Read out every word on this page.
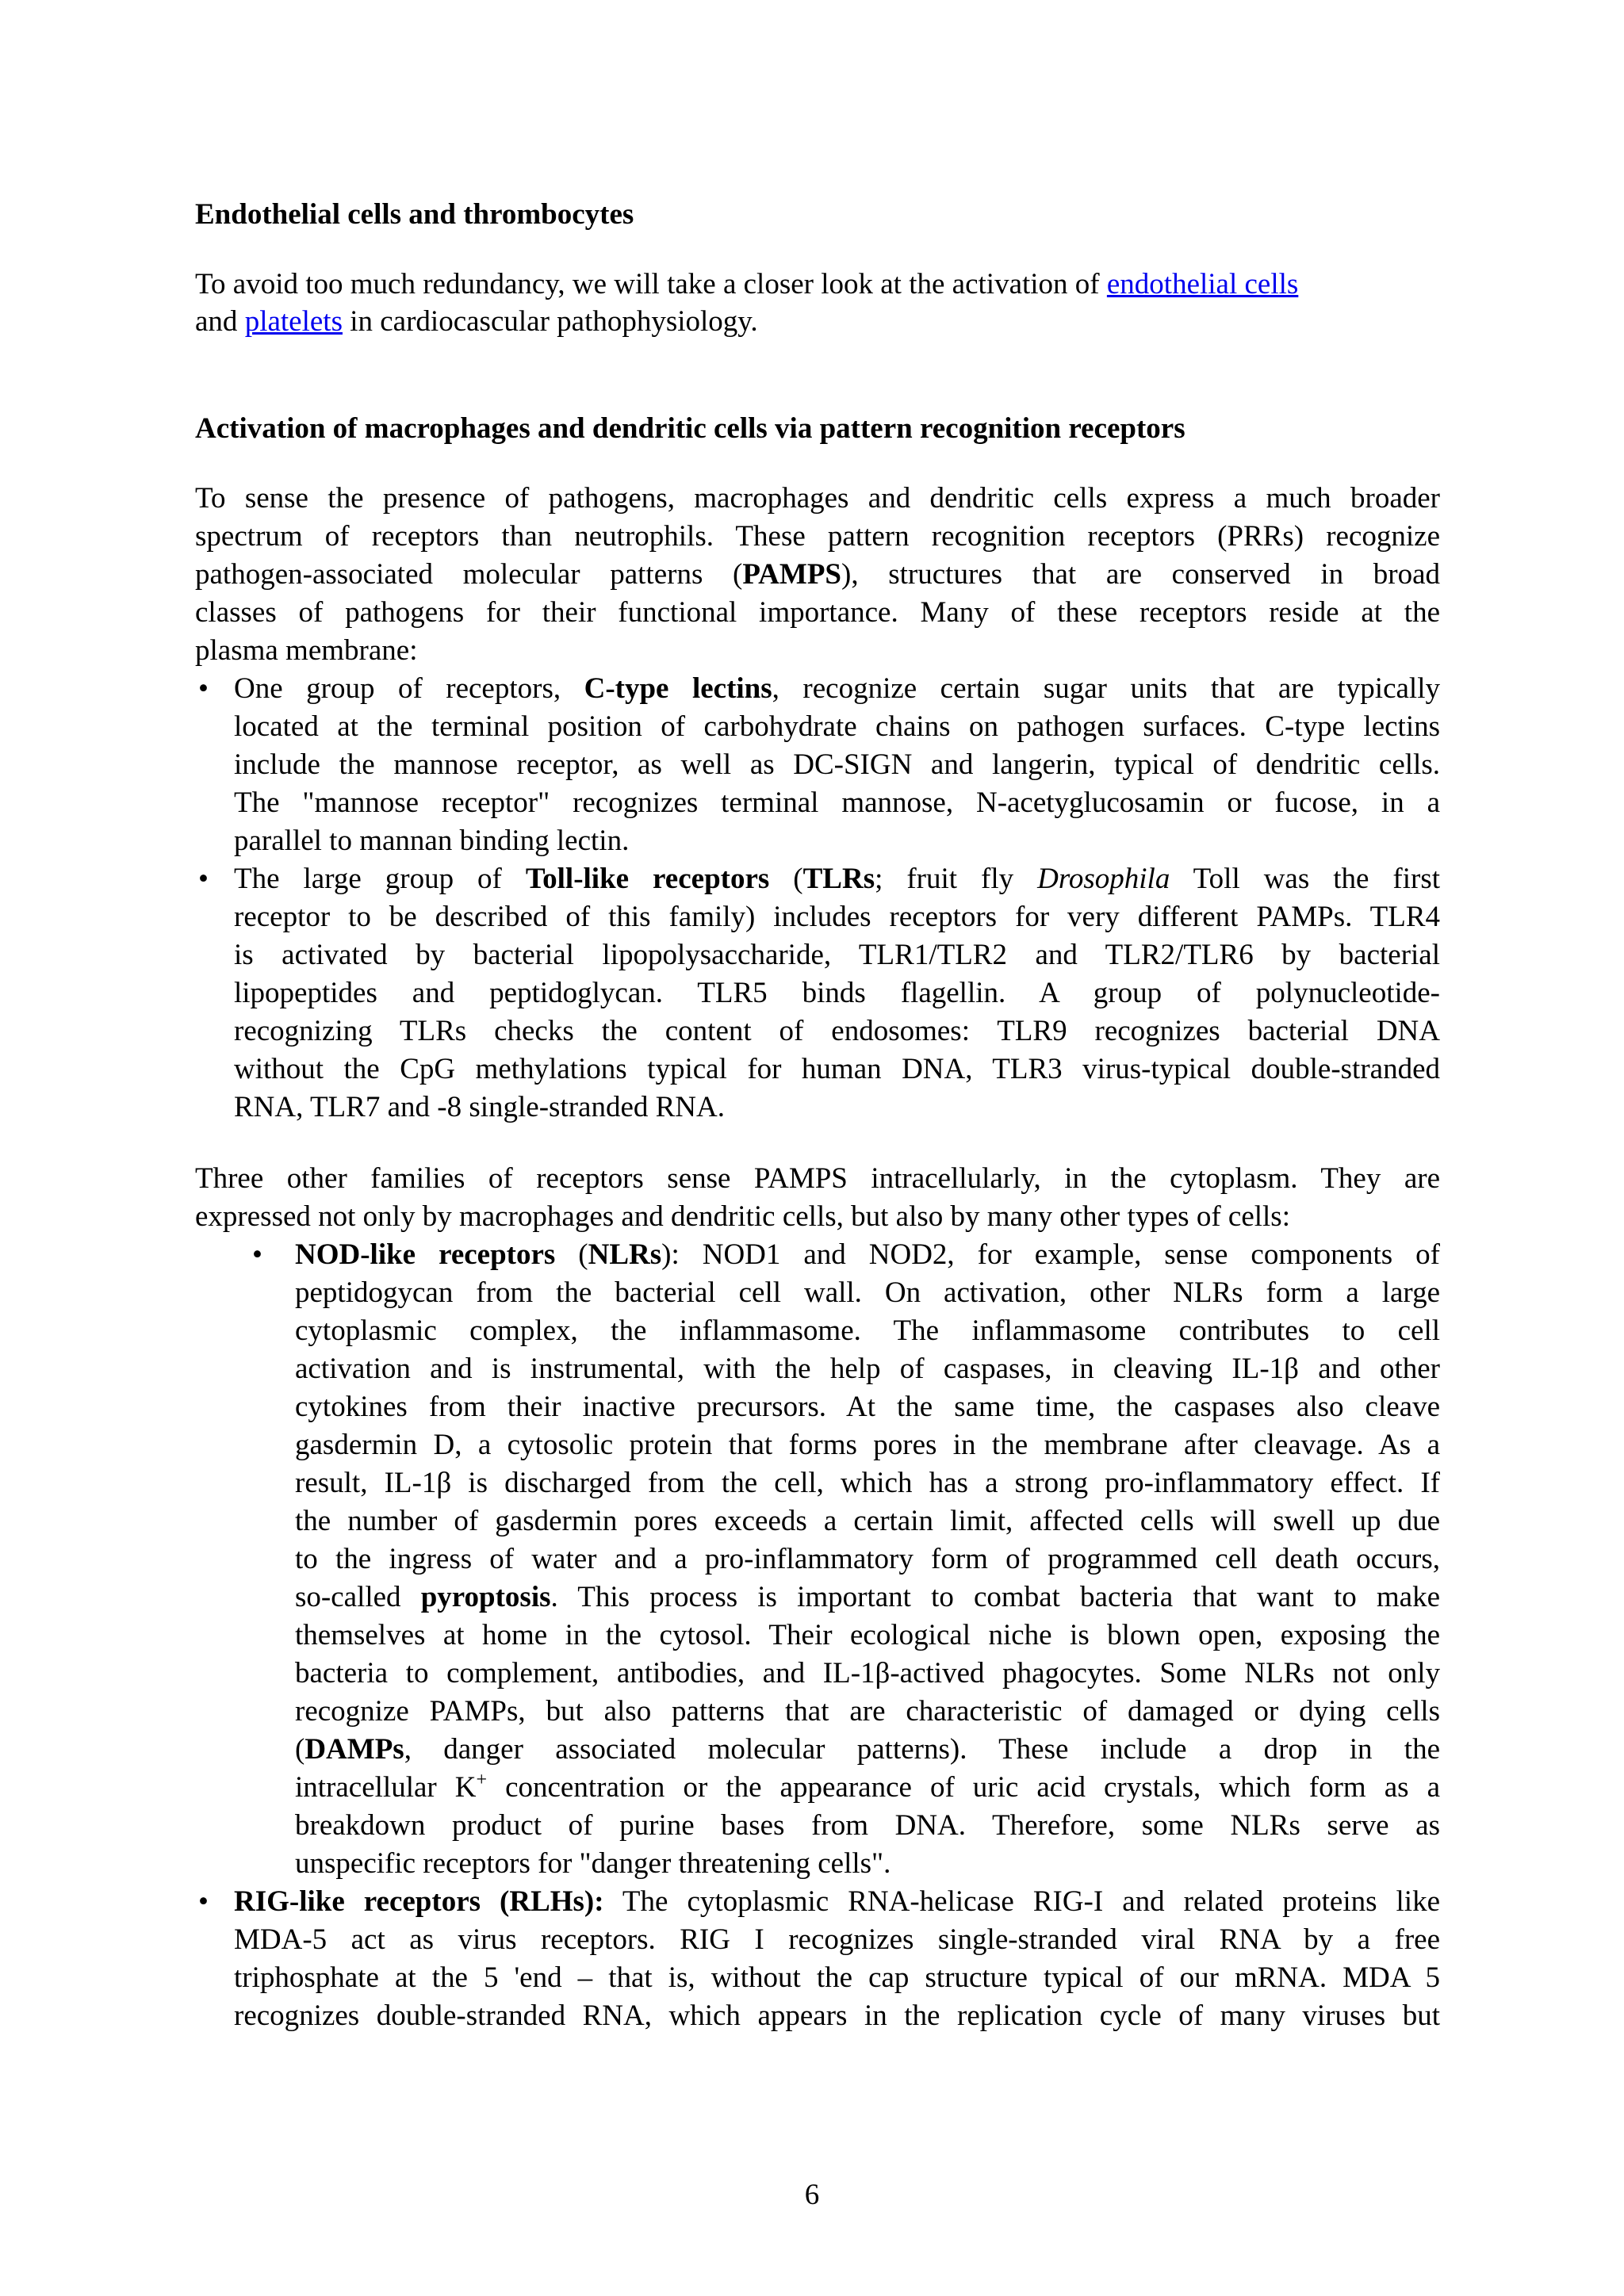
Endothelial cells and thrombocytes
To avoid too much redundancy, we will take a closer look at the activation of endothelial cells
and platelets in cardiocascular pathophysiology.
Activation of macrophages and dendritic cells via pattern recognition receptors
To sense the presence of pathogens, macrophages and dendritic cells express a much broader
spectrum of receptors than neutrophils. These pattern recognition receptors (PRRs) recognize
pathogen-associated molecular patterns (PAMPS), structures that are conserved in broad
classes of pathogens for their functional importance. Many of these receptors reside at the
plasma membrane:
• One group of receptors, C-type lectins, recognize certain sugar units that are typically
located at the terminal position of carbohydrate chains on pathogen surfaces. C-type lectins
include the mannose receptor, as well as DC-SIGN and langerin, typical of dendritic cells.
The "mannose receptor" recognizes terminal mannose, N-acetyglucosamin or fucose, in a
parallel to mannan binding lectin.
• The large group of Toll-like receptors (TLRs; fruit fly Drosophila Toll was the first
receptor to be described of this family) includes receptors for very different PAMPs. TLR4
is activated by bacterial lipopolysaccharide, TLR1/TLR2 and TLR2/TLR6 by bacterial
lipopeptides and peptidoglycan. TLR5 binds flagellin. A group of polynucleotide-
recognizing TLRs checks the content of endosomes: TLR9 recognizes bacterial DNA
without the CpG methylations typical for human DNA, TLR3 virus-typical double-stranded
RNA, TLR7 and -8 single-stranded RNA.
Three other families of receptors sense PAMPS intracellularly, in the cytoplasm. They are
expressed not only by macrophages and dendritic cells, but also by many other types of cells:
• NOD-like receptors (NLRs): NOD1 and NOD2, for example, sense components of
peptidogycan from the bacterial cell wall. On activation, other NLRs form a large
cytoplasmic complex, the inflammasome. The inflammasome contributes to cell
activation and is instrumental, with the help of caspases, in cleaving IL-1β and other
cytokines from their inactive precursors. At the same time, the caspases also cleave
gasdermin D, a cytosolic protein that forms pores in the membrane after cleavage. As a
result, IL-1β is discharged from the cell, which has a strong pro-inflammatory effect. If
the number of gasdermin pores exceeds a certain limit, affected cells will swell up due
to the ingress of water and a pro-inflammatory form of programmed cell death occurs,
so-called pyroptosis. This process is important to combat bacteria that want to make
themselves at home in the cytosol. Their ecological niche is blown open, exposing the
bacteria to complement, antibodies, and IL-1β-actived phagocytes. Some NLRs not only
recognize PAMPs, but also patterns that are characteristic of damaged or dying cells
(DAMPs, danger associated molecular patterns). These include a drop in the
intracellular K+ concentration or the appearance of uric acid crystals, which form as a
breakdown product of purine bases from DNA. Therefore, some NLRs serve as
unspecific receptors for "danger threatening cells".
• RIG-like receptors (RLHs): The cytoplasmic RNA-helicase RIG-I and related proteins like
MDA-5 act as virus receptors. RIG I recognizes single-stranded viral RNA by a free
triphosphate at the 5 'end – that is, without the cap structure typical of our mRNA. MDA 5
recognizes double-stranded RNA, which appears in the replication cycle of many viruses but
6
